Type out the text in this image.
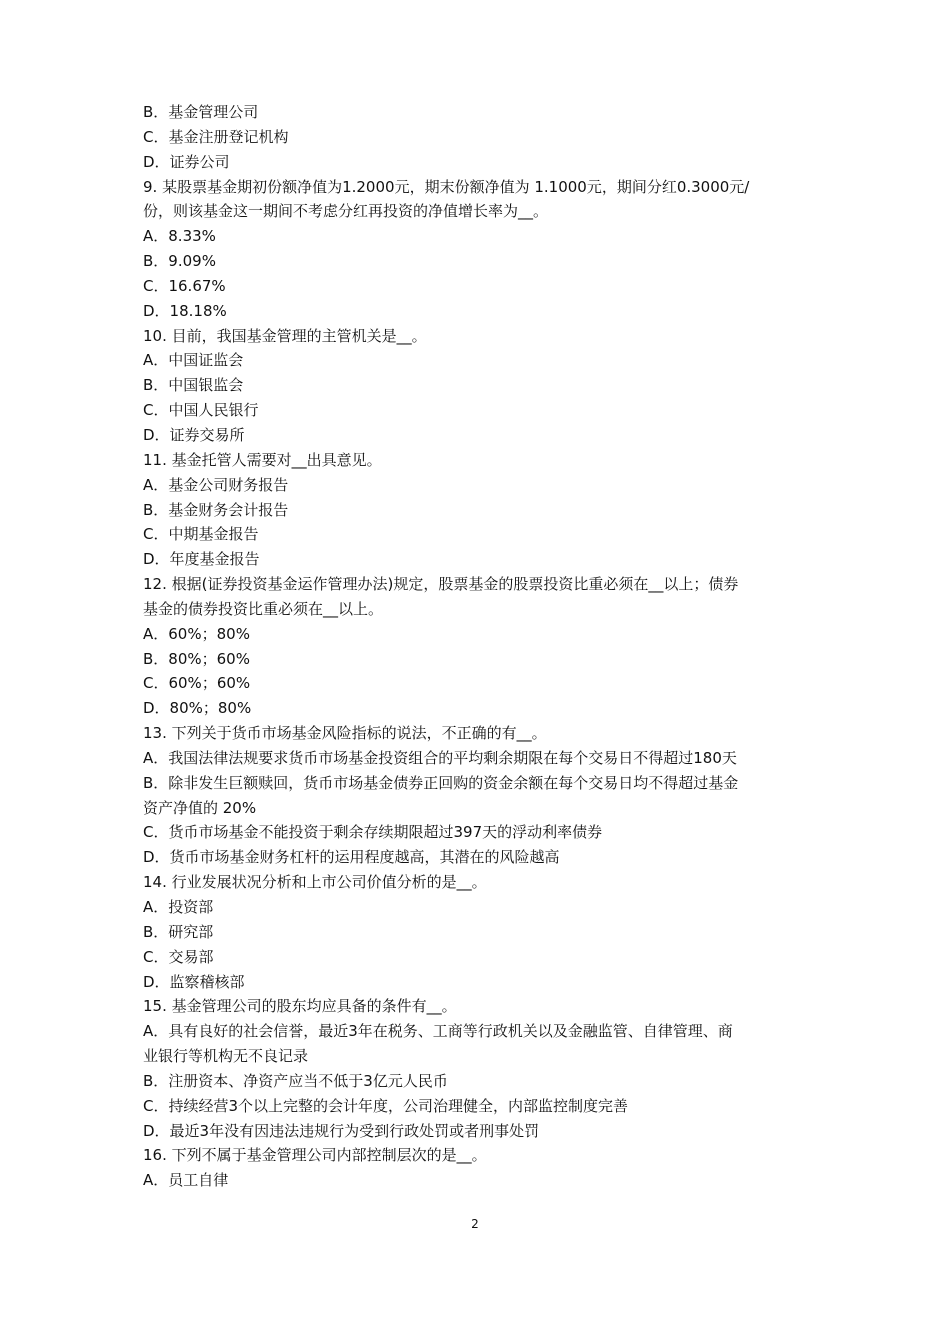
B．基金管理公司
C．基金注册登记机构
D．证券公司
9. 某股票基金期初份额净值为1.2000元，期末份额净值为 1.1000元，期间分红0.3000元/
份，则该基金这一期间不考虑分红再投资的净值增长率为__。
A．8.33%
B．9.09%
C．16.67%
D．18.18%
10. 目前，我国基金管理的主管机关是__。
A．中国证监会
B．中国银监会
C．中国人民银行
D．证券交易所
11. 基金托管人需要对__出具意见。
A．基金公司财务报告
B．基金财务会计报告
C．中期基金报告
D．年度基金报告
12. 根据(证券投资基金运作管理办法)规定，股票基金的股票投资比重必须在__以上；债券
基金的债券投资比重必须在__以上。
A．60%；80%
B．80%；60%
C．60%；60%
D．80%；80%
13. 下列关于货币市场基金风险指标的说法，不正确的有__。
A．我国法律法规要求货币市场基金投资组合的平均剩余期限在每个交易日不得超过180天
B．除非发生巨额赎回，货币市场基金债券正回购的资金余额在每个交易日均不得超过基金
资产净值的 20%
C．货币市场基金不能投资于剩余存续期限超过397天的浮动利率债券
D．货币市场基金财务杠杆的运用程度越高，其潜在的风险越高
14. 行业发展状况分析和上市公司价值分析的是__。
A．投资部
B．研究部
C．交易部
D．监察稽核部
15. 基金管理公司的股东均应具备的条件有__。
A．具有良好的社会信誉，最近3年在税务、工商等行政机关以及金融监管、自律管理、商
业银行等机构无不良记录
B．注册资本、净资产应当不低于3亿元人民币
C．持续经营3个以上完整的会计年度，公司治理健全，内部监控制度完善
D．最近3年没有因违法违规行为受到行政处罚或者刑事处罚
16. 下列不属于基金管理公司内部控制层次的是__。
A．员工自律
2
